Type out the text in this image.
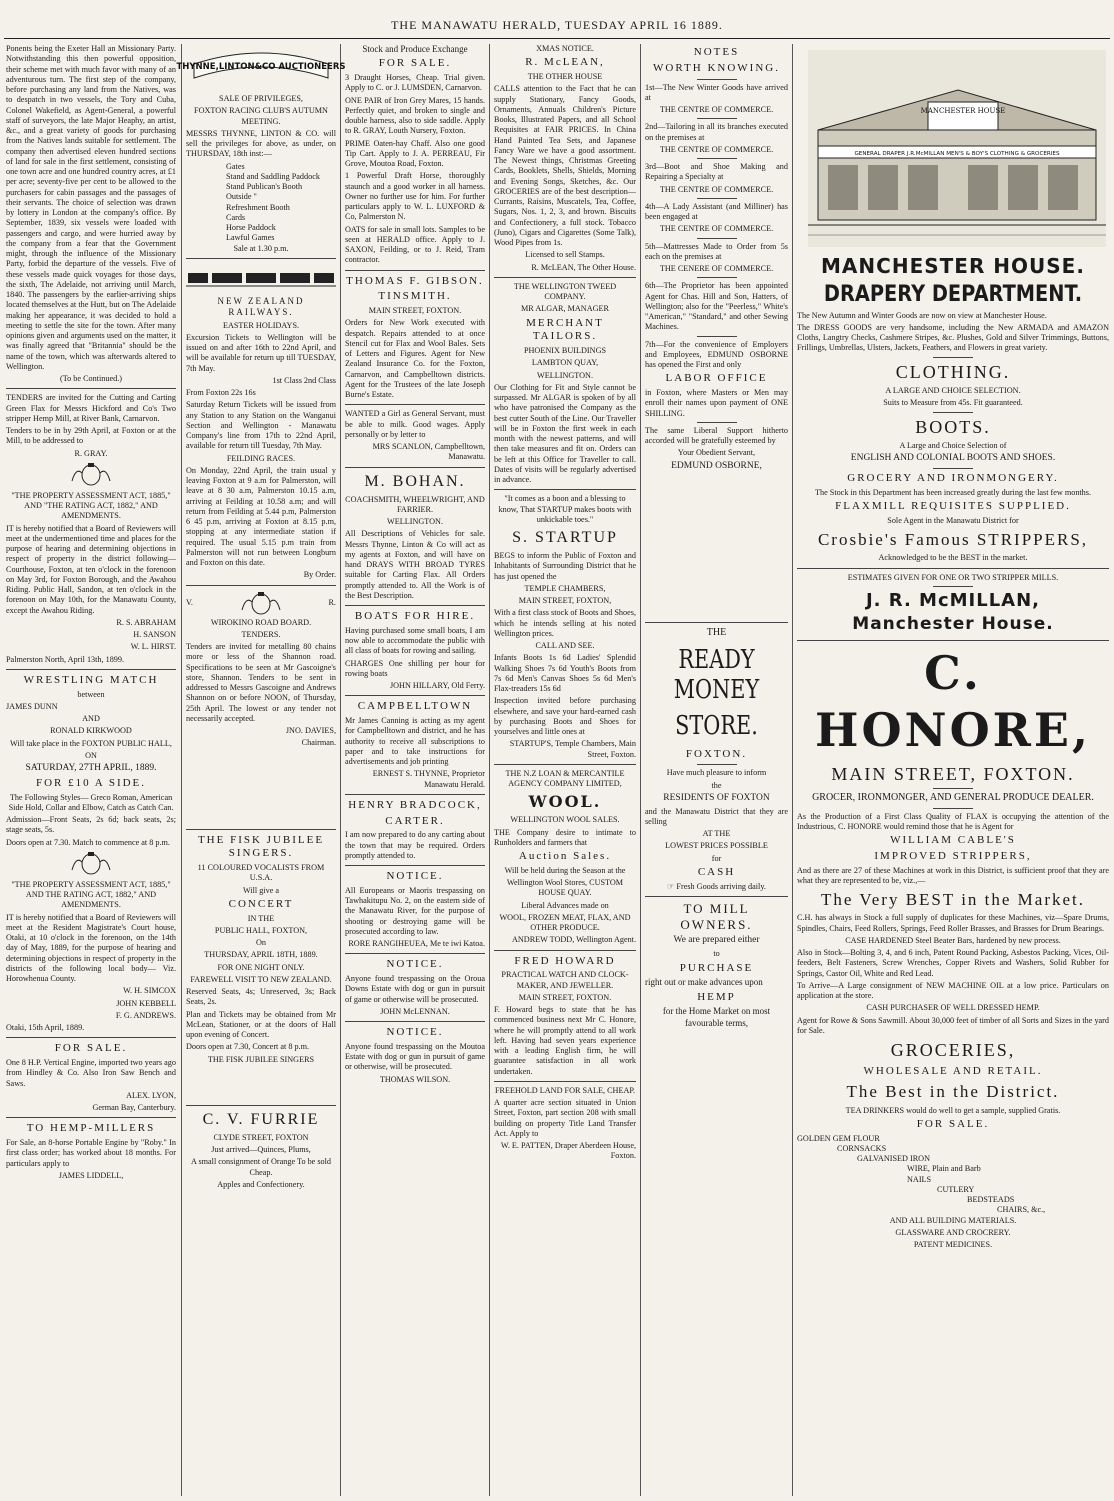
THE MANAWATU HERALD, TUESDAY APRIL 16 1889.

Ponents being the Exeter Hall an Missionary Party. Notwithstanding this then powerful opposition, their scheme met with much favor with many of an adventurous turn. The first step of the company, before purchasing any land from the Natives, was to despatch in two vessels, the Tory and Cuba, Colonel Wakefield, as Agent-General, a powerful staff of surveyors, the late Major Heaphy, an artist, &c., and a great variety of goods for purchasing from the Natives lands suitable for settlement. The company then advertised eleven hundred sections of land for sale in the first settlement, consisting of one town acre and one hundred country acres, at £1 per acre; seventy-five per cent to be allowed to the purchasers for cabin passages and the passages of their servants. The choice of selection was drawn by lottery in London at the company's office. By September, 1839, six vessels were loaded with passengers and cargo, and were hurried away by the company from a fear that the Government might, through the influence of the Missionary Party, forbid the departure of the vessels. Five of these vessels made quick voyages for those days, the sixth, The Adelaide, not arriving until March, 1840. The passengers by the earlier-arriving ships located themselves at the Hutt, but on The Adelaide making her appearance, it was decided to hold a meeting to settle the site for the town. After many opinions given and arguments used on the matter, it was finally agreed that "Britannia" should be the name of the town, which was afterwards altered to Wellington.

(To be Continued.)

TENDERS are invited for the Cutting and Carting Green Flax for Messrs Hickford and Co's Two stripper Hemp Mill, at River Bank, Carnarvon.

Tenders to be in by 29th April, at Foxton or at the Mill, to be addressed to

R. GRAY.

"THE PROPERTY ASSESSMENT ACT, 1885," AND "THE RATING ACT, 1882," AND AMENDMENTS.

IT is hereby notified that a Board of Reviewers will meet at the undermentioned time and places for the purpose of hearing and determining objections in respect of property in the district following— Courthouse, Foxton, at ten o'clock in the forenoon on May 3rd, for Foxton Borough, and the Awahou Riding. Public Hall, Sandon, at ten o'clock in the forenoon on May 10th, for the Manawatu County, except the Awahou Riding.

R. S. ABRAHAM

H. SANSON

W. L. HIRST.

Palmerston North, April 13th, 1899.

WRESTLING MATCH

between

JAMES DUNN

AND

RONALD KIRKWOOD

Will take place in the FOXTON PUBLIC HALL,

ON

SATURDAY, 27TH APRIL, 1889.

FOR £10 A SIDE.

The Following Styles— Greco Roman, American Side Hold, Collar and Elbow, Catch as Catch Can.

Admission—Front Seats, 2s 6d; back seats, 2s; stage seats, 5s.

Doors open at 7.30. Match to commence at 8 p.m.

"THE PROPERTY ASSESSMENT ACT, 1885," AND THE RATING ACT, 1882," AND AMENDMENTS.

IT is hereby notified that a Board of Reviewers will meet at the Resident Magistrate's Court house, Otaki, at 10 o'clock in the forenoon, on the 14th day of May, 1889, for the purpose of hearing and determining objections in respect of property in the districts of the following local body— Viz. Horowhenua County.

W. H. SIMCOX

JOHN KEBBELL

F. G. ANDREWS.

Otaki, 15th April, 1889.

FOR SALE.

One 8 H.P. Vertical Engine, imported two years ago from Hindley & Co. Also Iron Saw Bench and Saws.

ALEX. LYON,

German Bay, Canterbury.

TO HEMP-MILLERS

For Sale, an 8-horse Portable Engine by "Roby." In first class order; has worked about 18 months. For particulars apply to

JAMES LIDDELL,

THYNNE,LINTON&CO AUCTIONEERS

SALE OF PRIVILEGES,

FOXTON RACING CLUB'S AUTUMN MEETING.

MESSRS THYNNE, LINTON & CO. will sell the privileges for above, as under, on THURSDAY, 18th inst:—

Gates

Stand and Saddling Paddock

Stand Publican's Booth

Outside "

Refreshment Booth

Cards

Horse Paddock

Lawful Games

Sale at 1.30 p.m.

NEW ZEALAND RAILWAYS.

EASTER HOLIDAYS.

Excursion Tickets to Wellington will be issued on and after 16th to 22nd April, and will be available for return up till TUESDAY, 7th May.

1st Class 2nd Class

From Foxton 22s 16s

Saturday Return Tickets will be issued from any Station to any Station on the Wanganui Section and Wellington - Manawatu Company's line from 17th to 22nd April, available for return till Tuesday, 7th May.

FEILDING RACES.

On Monday, 22nd April, the train usual y leaving Foxton at 9 a.m for Palmerston, will leave at 8 30 a.m, Palmerston 10.15 a.m, arriving at Feilding at 10.58 a.m; and will return from Feilding at 5.44 p.m, Palmerston 6 45 p.m, arriving at Foxton at 8.15 p.m, stopping at any intermediate station if required. The usual 5.15 p.m train from Palmerston will not run between Longburn and Foxton on this date.

By Order.

V.	R.

WIROKINO ROAD BOARD.

TENDERS.

Tenders are invited for metalling 80 chains more or less of the Shannon road. Specifications to be seen at Mr Gascoigne's store, Shannon. Tenders to be sent in addressed to Messrs Gascoigne and Andrews Shannon on or before NOON, of Thursday, 25th April. The lowest or any tender not necessarily accepted.

JNO. DAVIES,

Chairman.

THE FISK JUBILEE SINGERS.

11 COLOURED VOCALISTS FROM U.S.A.

Will give a

CONCERT

IN THE

PUBLIC HALL, FOXTON,

On

THURSDAY, APRIL 18TH, 1889.

FOR ONE NIGHT ONLY.

FAREWELL VISIT TO NEW ZEALAND.

Reserved Seats, 4s; Unreserved, 3s; Back Seats, 2s.

Plan and Tickets may be obtained from Mr McLean, Stationer, or at the doors of Hall upon evening of Concert.

Doors open at 7.30, Concert at 8 p.m.

THE FISK JUBILEE SINGERS

C. V. FURRIE

CLYDE STREET, FOXTON

Just arrived—Quinces, Plums,

A small consignment of Orange To be sold Cheap.

Apples and Confectionery.

Stock and Produce Exchange

FOR SALE.

3 Draught Horses, Cheap. Trial given. Apply to C. or J. LUMSDEN, Carnarvon.

ONE PAIR of Iron Grey Mares, 15 hands. Perfectly quiet, and broken to single and double harness, also to side saddle. Apply to R. GRAY, Louth Nursery, Foxton.

PRIME Oaten-hay Chaff. Also one good Tip Cart. Apply to J. A. PERREAU, Fir Grove, Moutoa Road, Foxton.

1 Powerful Draft Horse, thoroughly staunch and a good worker in all harness. Owner no further use for him. For further particulars apply to W. L. LUXFORD & Co, Palmerston N.

OATS for sale in small lots. Samples to be seen at HERALD office. Apply to J. SAXON, Feilding, or to J. Reid, Tram contractor.

THOMAS F. GIBSON.

TINSMITH.

MAIN STREET, FOXTON.

Orders for New Work executed with despatch. Repairs attended to at once Stencil cut for Flax and Wool Bales. Sets of Letters and Figures. Agent for New Zealand Insurance Co. for the Foxton, Carnarvon, and Campbelltown districts. Agent for the Trustees of the late Joseph Burne's Estate.

WANTED a Girl as General Servant, must be able to milk. Good wages. Apply personally or by letter to

MRS SCANLON, Campbelltown, Manawatu.

M. BOHAN.

COACHSMITH, WHEELWRIGHT, AND FARRIER.

WELLINGTON.

All Descriptions of Vehicles for sale. Messrs Thynne, Linton & Co will act as my agents at Foxton, and will have on hand DRAYS WITH BROAD TYRES suitable for Carting Flax. All Orders promptly attended to. All the Work is of the Best Description.

BOATS FOR HIRE.

Having purchased some small boats, I am now able to accommodate the public with all class of boats for rowing and sailing.

CHARGES One shilling per hour for rowing boats

JOHN HILLARY, Old Ferry.

CAMPBELLTOWN

Mr James Canning is acting as my agent for Campbelltown and district, and he has authority to receive all subscriptions to paper and to take instructions for advertisements and job printing

ERNEST S. THYNNE, Proprietor Manawatu Herald.

HENRY BRADCOCK,

CARTER.

I am now prepared to do any carting about the town that may be required. Orders promptly attended to.

NOTICE.

All Europeans or Maoris trespassing on Tawhakitupu No. 2, on the eastern side of the Manawatu River, for the purpose of shooting or destroying game will be prosecuted according to law.

RORE RANGIHEUEA, Me te iwi Katoa.

NOTICE.

Anyone found trespassing on the Oroua Downs Estate with dog or gun in pursuit of game or otherwise will be prosecuted.

JOHN McLENNAN.

NOTICE.

Anyone found trespassing on the Moutoa Estate with dog or gun in pursuit of game or otherwise, will be prosecuted.

THOMAS WILSON.

XMAS NOTICE.

R. McLEAN,

THE OTHER HOUSE

CALLS attention to the Fact that he can supply Stationary, Fancy Goods, Ornaments, Annuals Children's Picture Books, Illustrated Papers, and all School Requisites at FAIR PRICES. In China Hand Painted Tea Sets, and Japanese Fancy Ware we have a good assortment. The Newest things, Christmas Greeting Cards, Booklets, Shells, Shields, Morning and Evening Songs, Sketches, &c. Our GROCERIES are of the best description—Currants, Raisins, Muscatels, Tea, Coffee, Sugars, Nos. 1, 2, 3, and brown. Biscuits and Confectionery, a full stock. Tobacco (Juno), Cigars and Cigarettes (Some Talk), Wood Pipes from 1s.

Licensed to sell Stamps.

R. McLEAN, The Other House.

THE WELLINGTON TWEED COMPANY.

MR ALGAR, MANAGER

MERCHANT TAILORS.

PHOENIX BUILDINGS

LAMBTON QUAY,

WELLINGTON.

Our Clothing for Fit and Style cannot be surpassed. Mr ALGAR is spoken of by all who have patronised the Company as the best cutter South of the Line. Our Traveller will be in Foxton the first week in each month with the newest patterns, and will then take measures and fit on. Orders can be left at this Office for Traveller to call. Dates of visits will be regularly advertised in advance.

"It comes as a boon and a blessing to know, That STARTUP makes boots with unkickable toes."

S. STARTUP

BEGS to inform the Public of Foxton and Inhabitants of Surrounding District that he has just opened the

TEMPLE CHAMBERS,

MAIN STREET, FOXTON,

With a first class stock of Boots and Shoes, which he intends selling at his noted Wellington prices.

CALL AND SEE.

Infants Boots 1s 6d Ladies' Splendid Walking Shoes 7s 6d Youth's Boots from 7s 6d Men's Canvas Shoes 5s 6d Men's Flax-treaders 15s 6d

Inspection invited before purchasing elsewhere, and save your hard-earned cash by purchasing Boots and Shoes for yourselves and little ones at

STARTUP'S, Temple Chambers, Main Street, Foxton.

THE N.Z LOAN & MERCANTILE AGENCY COMPANY LIMITED,

WOOL.

WELLINGTON WOOL SALES.

THE Company desire to intimate to Runholders and farmers that

Auction Sales.

Will be held during the Season at the

Wellington Wool Stores, CUSTOM HOUSE QUAY.

Liberal Advances made on

WOOL, FROZEN MEAT, FLAX, AND OTHER PRODUCE.

ANDREW TODD, Wellington Agent.

FRED HOWARD

PRACTICAL WATCH AND CLOCK-MAKER, AND JEWELLER.

MAIN STREET, FOXTON.

F. Howard begs to state that he has commenced business next Mr C. Honore, where he will promptly attend to all work left. Having had seven years experience with a leading English firm, he will guarantee satisfaction in all work undertaken.

FREEHOLD LAND FOR SALE, CHEAP.

A quarter acre section situated in Union Street, Foxton, part section 208 with small building on property Title Land Transfer Act. Apply to

W. E. PATTEN, Draper Aberdeen House, Foxton.

NOTES

WORTH KNOWING.

1st—The New Winter Goods have arrived at

THE CENTRE OF COMMERCE.

2nd—Tailoring in all its branches executed on the premises at

THE CENTRE OF COMMERCE.

3rd—Boot and Shoe Making and Repairing a Specialty at

THE CENTRE OF COMMERCE.

4th—A Lady Assistant (and Milliner) has been engaged at

THE CENTRE OF COMMERCE.

5th—Mattresses Made to Order from 5s each on the premises at

THE CENERE OF COMMERCE.

6th—The Proprietor has been appointed Agent for Chas. Hill and Son, Hatters, of Wellington; also for the "Peerless," White's "American," "Standard," and other Sewing Machines.

7th—For the convenience of Employers and Employees, EDMUND OSBORNE has opened the First and only

LABOR OFFICE

in Foxton, where Masters or Men may enroll their names upon payment of ONE SHILLING.

The same Liberal Support hitherto accorded will be gratefully esteemed by

Your Obedient Servant,

EDMUND OSBORNE,

THE

READY MONEY

STORE.

FOXTON.

Have much pleasure to inform

the

RESIDENTS OF FOXTON

and the Manawatu District that they are selling

AT THE

LOWEST PRICES POSSIBLE

for

CASH

☞ Fresh Goods arriving daily.

TO MILL OWNERS.

We are prepared either

to

PURCHASE

right out or make advances upon

HEMP

for the Home Market on most favourable terms,

MANCHESTER HOUSE
GENERAL DRAPER J.R.McMILLAN MEN'S & BOY'S CLOTHING & GROCERIES

MANCHESTER HOUSE.

DRAPERY DEPARTMENT.

The New Autumn and Winter Goods are now on view at Manchester House.

The DRESS GOODS are very handsome, including the New ARMADA and AMAZON Cloths, Langtry Checks, Cashmere Stripes, &c. Plushes, Gold and Silver Trimmings, Buttons, Frillings, Umbrellas, Ulsters, Jackets, Feathers, and Flowers in great variety.

CLOTHING.

A LARGE AND CHOICE SELECTION.

Suits to Measure from 45s. Fit guaranteed.

BOOTS.

A Large and Choice Selection of

ENGLISH AND COLONIAL BOOTS AND SHOES.

GROCERY AND IRONMONGERY.

The Stock in this Department has been increased greatly during the last few months.

FLAXMILL REQUISITES SUPPLIED.

Sole Agent in the Manawatu District for

Crosbie's Famous STRIPPERS,

Acknowledged to be the BEST in the market.

ESTIMATES GIVEN FOR ONE OR TWO STRIPPER MILLS.

J. R. McMILLAN,

Manchester House.

C. HONORE,

MAIN STREET, FOXTON.

GROCER, IRONMONGER, AND GENERAL PRODUCE DEALER.

As the Production of a First Class Quality of FLAX is occupying the attention of the Industrious, C. HONORE would remind those that he is Agent for

WILLIAM CABLE'S

IMPROVED STRIPPERS,

And as there are 27 of these Machines at work in this District, is sufficient proof that they are what they are represented to be, viz.,—

The Very BEST in the Market.

C.H. has always in Stock a full supply of duplicates for these Machines, viz—Spare Drums, Spindles, Chairs, Feed Rollers, Springs, Feed Roller Brasses, and Brasses for Drum Bearings.

CASE HARDENED Steel Beater Bars, hardened by new process.

Also in Stock—Bolting 3, 4, and 6 inch, Patent Round Packing, Asbestos Packing, Vices, Oil-feeders, Belt Fasteners, Screw Wrenches, Copper Rivets and Washers, Solid Rubber for Springs, Castor Oil, White and Red Lead.

To Arrive—A Large consignment of NEW MACHINE OIL at a low price. Particulars on application at the store.

CASH PURCHASER OF WELL DRESSED HEMP.

Agent for Rowe & Sons Sawmill. About 30,000 feet of timber of all Sorts and Sizes in the yard for Sale.

GROCERIES,

WHOLESALE AND RETAIL.

The Best in the District.

TEA DRINKERS would do well to get a sample, supplied Gratis.

FOR SALE.

GOLDEN GEM FLOUR

CORNSACKS

GALVANISED IRON

WIRE, Plain and Barb

NAILS

CUTLERY

BEDSTEADS

CHAIRS, &c.,

AND ALL BUILDING MATERIALS.

GLASSWARE AND CROCRERY.

PATENT MEDICINES.
